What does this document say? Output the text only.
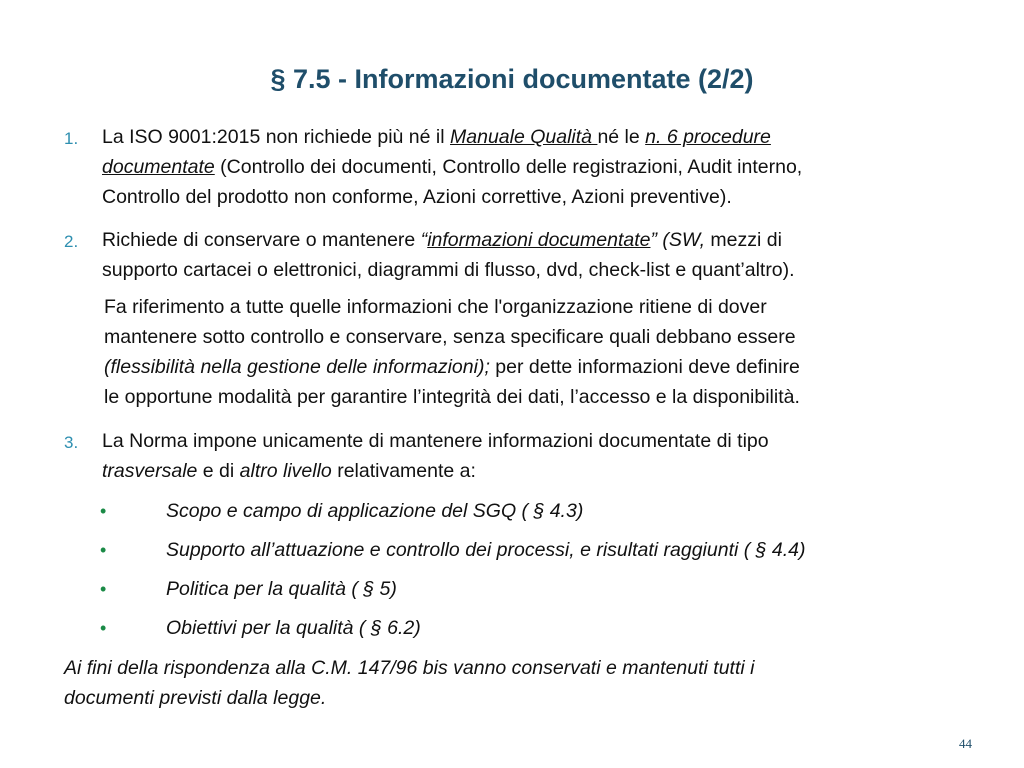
§ 7.5 - Informazioni documentate (2/2)
1. La ISO 9001:2015 non richiede più né il Manuale Qualità né le n. 6 procedure
documentate (Controllo dei documenti, Controllo delle registrazioni, Audit interno,
Controllo del prodotto non conforme, Azioni correttive, Azioni preventive).
2. Richiede di conservare o mantenere “informazioni documentate” (SW, mezzi di
supporto cartacei o elettronici, diagrammi di flusso, dvd, check-list e quant’altro).
Fa riferimento a tutte quelle informazioni che l'organizzazione ritiene di dover
mantenere sotto controllo e conservare, senza specificare quali debbano essere
(flessibilità nella gestione delle informazioni); per dette informazioni deve definire
le opportune modalità per garantire l’integrità dei dati, l’accesso e la disponibilità.
3. La Norma impone unicamente di mantenere informazioni documentate di tipo
trasversale e di altro livello relativamente a:
•	Scopo e campo di applicazione del SGQ ( § 4.3)
•	Supporto all’attuazione e controllo dei processi, e risultati raggiunti ( § 4.4)
•	Politica per la qualità ( § 5)
•	Obiettivi per la qualità ( § 6.2)
Ai fini della rispondenza alla C.M. 147/96 bis vanno conservati e mantenuti tutti i
documenti previsti dalla legge.
44
